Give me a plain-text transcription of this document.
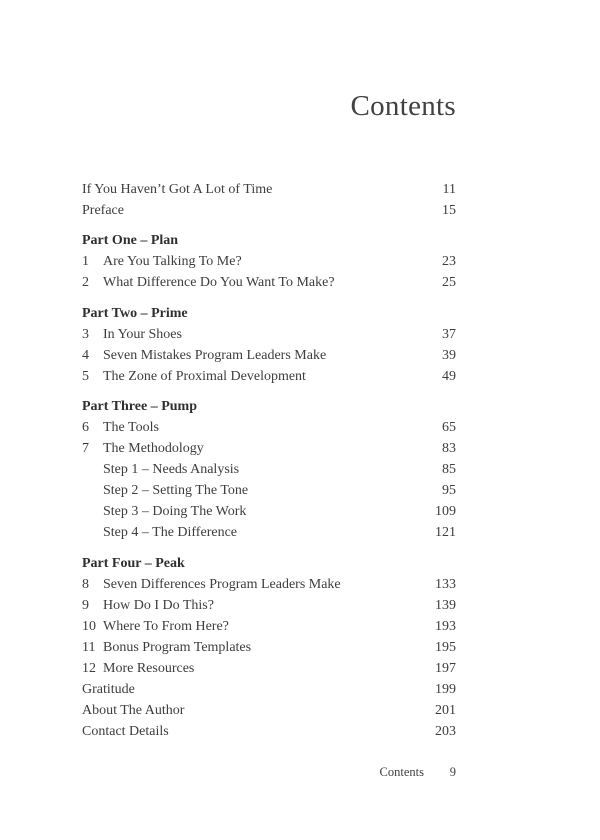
Contents
If You Haven’t Got A Lot of Time	11
Preface	15
Part One – Plan
1	Are You Talking To Me?	23
2	What Difference Do You Want To Make?	25
Part Two – Prime
3	In Your Shoes	37
4	Seven Mistakes Program Leaders Make	39
5	The Zone of Proximal Development	49
Part Three – Pump
6	The Tools	65
7	The Methodology	83
Step 1 – Needs Analysis	85
Step 2 – Setting The Tone	95
Step 3 – Doing The Work	109
Step 4 – The Difference	121
Part Four – Peak
8	Seven Differences Program Leaders Make	133
9	How Do I Do This?	139
10 Where To From Here?	193
11 Bonus Program Templates	195
12 More Resources	197
Gratitude	199
About The Author	201
Contact Details	203
Contents	9
